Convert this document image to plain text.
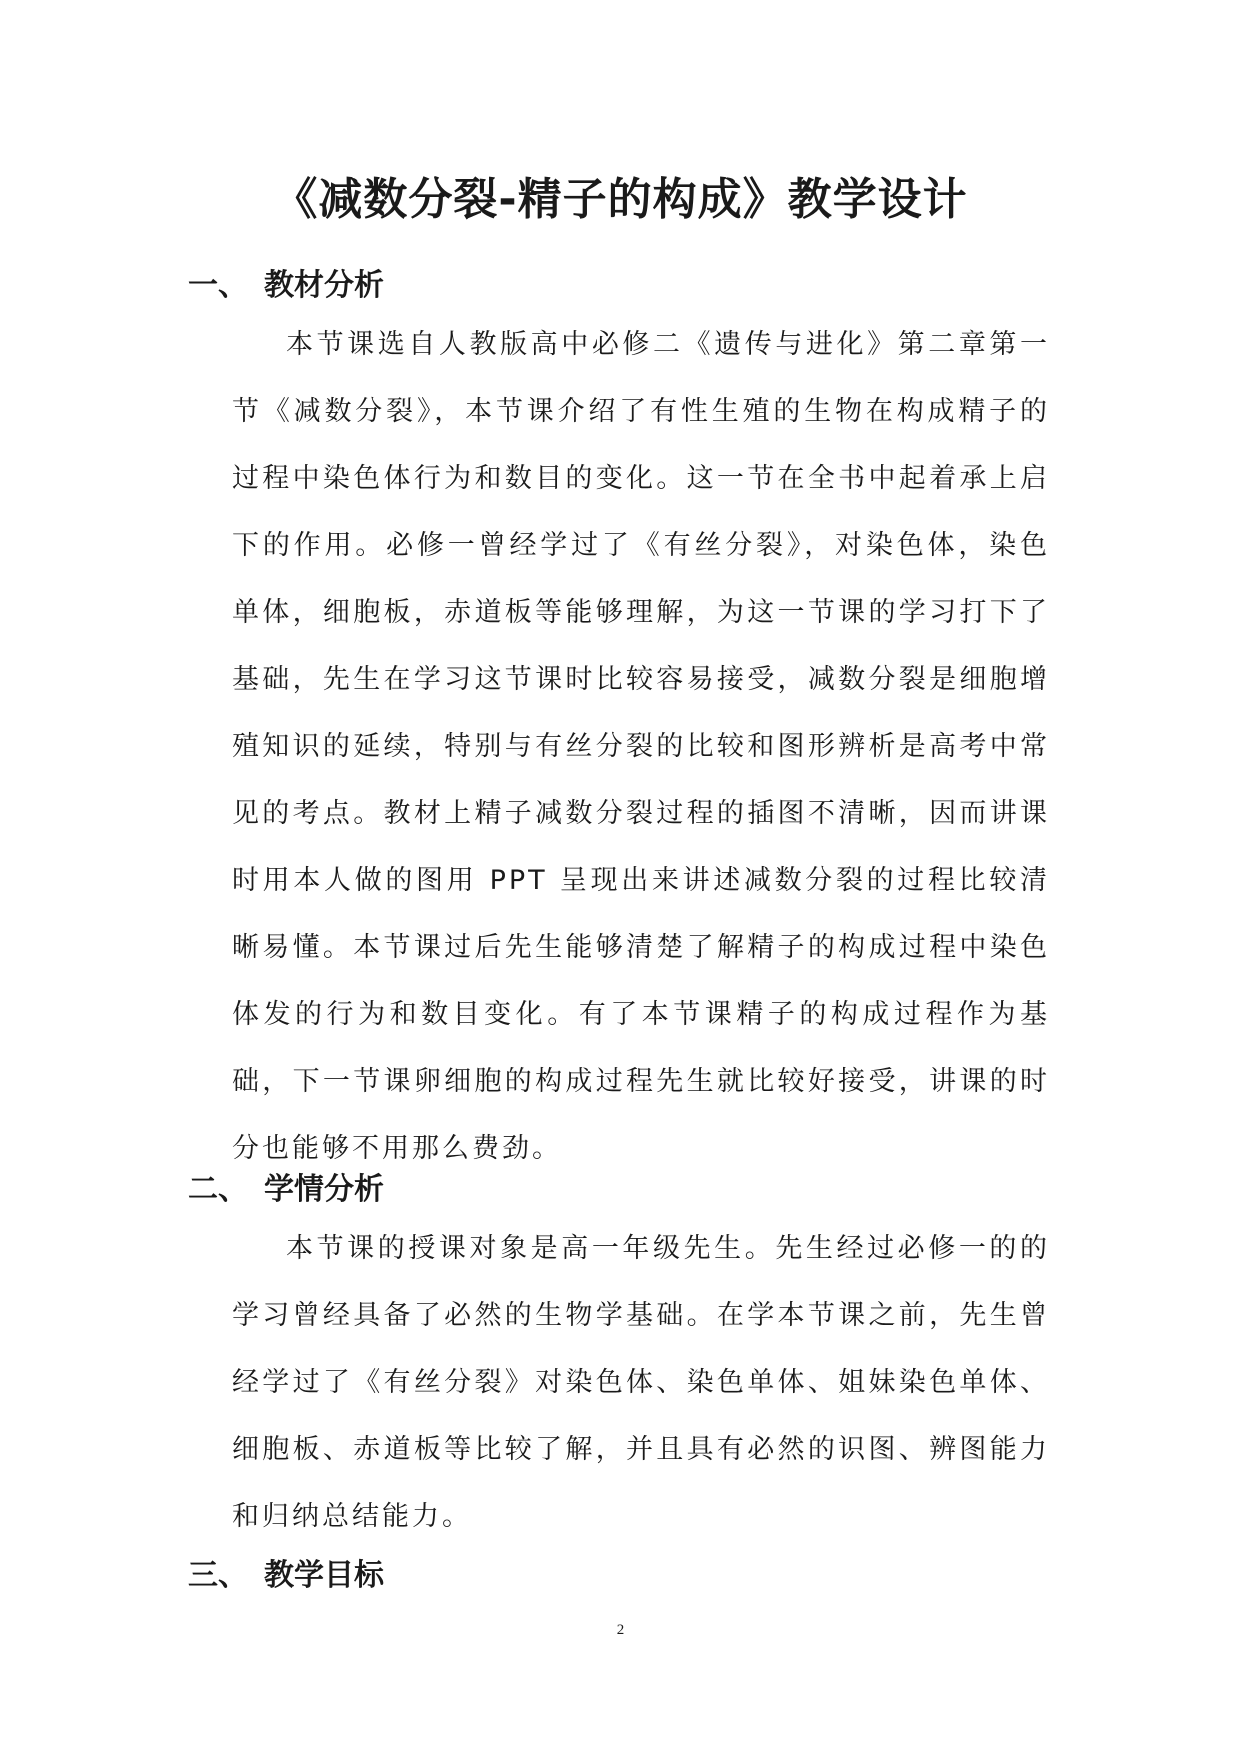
《减数分裂-精子的构成》教学设计
一、 教材分析

本节课选自人教版高中必修二《遗传与进化》第二章第一节《减数分裂》，本节课介绍了有性生殖的生物在构成精子的过程中染色体行为和数目的变化。这一节在全书中起着承上启下的作用。必修一曾经学过了《有丝分裂》，对染色体，染色单体，细胞板，赤道板等能够理解，为这一节课的学习打下了基础，先生在学习这节课时比较容易接受，减数分裂是细胞增殖知识的延续，特别与有丝分裂的比较和图形辨析是高考中常见的考点。教材上精子减数分裂过程的插图不清晰，因而讲课时用本人做的图用 PPT 呈现出来讲述减数分裂的过程比较清晰易懂。本节课过后先生能够清楚了解精子的构成过程中染色体发的行为和数目变化。有了本节课精子的构成过程作为基础，下一节课卵细胞的构成过程先生就比较好接受，讲课的时分也能够不用那么费劲。

二、 学情分析

本节课的授课对象是高一年级先生。先生经过必修一的的学习曾经具备了必然的生物学基础。在学本节课之前，先生曾经学过了《有丝分裂》对染色体、染色单体、姐妹染色单体、细胞板、赤道板等比较了解，并且具有必然的识图、辨图能力和归纳总结能力。

三、 教学目标

2
